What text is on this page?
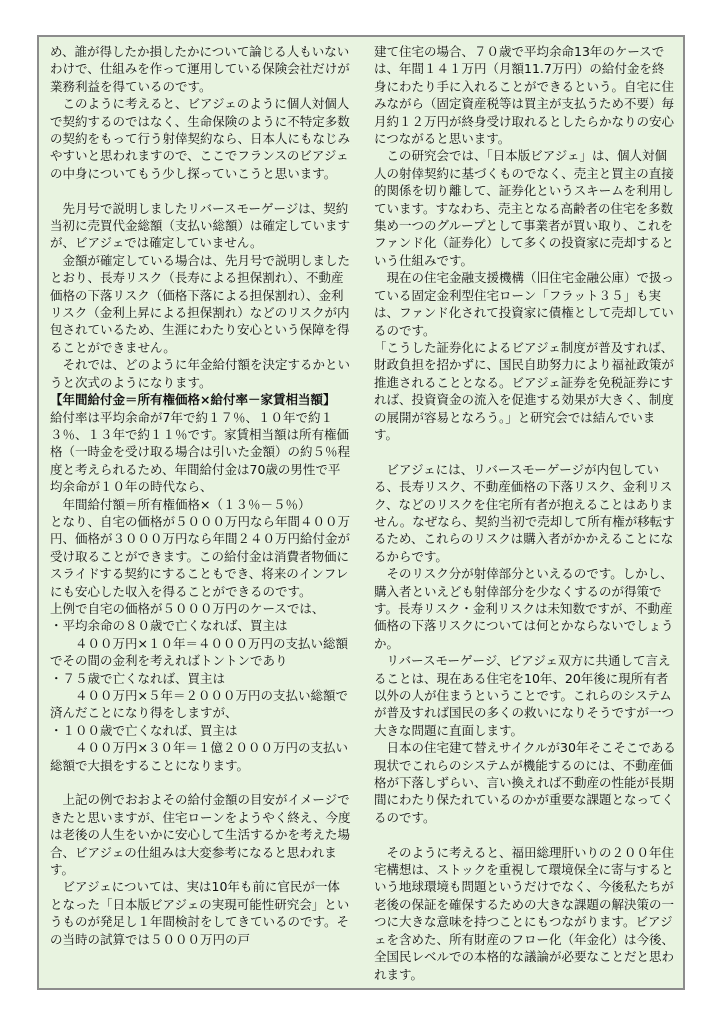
め、誰が得したか損したかについて論じる人もいないわけで、仕組みを作って運用している保険会社だけが業務利益を得ているのです。

　このように考えると、ビアジェのように個人対個人で契約するのではなく、生命保険のように不特定多数の契約をもって行う射倖契約なら、日本人にもなじみやすいと思われますので、ここでフランスのビアジェの中身についてもう少し探っていこうと思います。

　先月号で説明しましたリバースモーゲージは、契約当初に売買代金総額（支払い総額）は確定していますが、ビアジェでは確定していません。

　金額が確定している場合は、先月号で説明しましたとおり、長寿リスク（長寿による担保割れ）、不動産価格の下落リスク（価格下落による担保割れ）、金利リスク（金利上昇による担保割れ）などのリスクが内包されているため、生涯にわたり安心という保障を得ることができません。

　それでは、どのように年金給付額を決定するかというと次式のようになります。

【年間給付金＝所有権価格×給付率－家賃相当額】

給付率は平均余命が7年で約１７％、１０年で約１３％、１３年で約１１％です。家賃相当額は所有権価格（一時金を受け取る場合は引いた金額）の約５％程度と考えられるため、年間給付金は70歳の男性で平均余命が１０年の時代なら、

　年間給付額＝所有権価格×（１３％－５％）

となり、自宅の価格が５０００万円なら年間４００万円、価格が３０００万円なら年間２４０万円給付金が受け取ることができます。この給付金は消費者物価にスライドする契約にすることもでき、将来のインフレにも安心した収入を得ることができるのです。

上例で自宅の価格が５０００万円のケースでは、

・平均余命の８０歳で亡くなれば、買主は

　　４００万円×１０年＝４０００万円の支払い総額でその間の金利を考えればトントンであり

・７５歳で亡くなれば、買主は

　　４００万円×５年＝２０００万円の支払い総額で済んだことになり得をしますが、

・１００歳で亡くなれば、買主は

　　４００万円×３０年＝１億２０００万円の支払い総額で大損をすることになります。

　上記の例でおおよその給付金額の目安がイメージできたと思いますが、住宅ローンをようやく終え、今度は老後の人生をいかに安心して生活するかを考えた場合、ビアジェの仕組みは大変参考になると思われます。

　ビアジェについては、実は10年も前に官民が一体となった「日本版ビアジェの実現可能性研究会」というものが発足し１年間検討をしてきているのです。その当時の試算では５０００万円の戸

建て住宅の場合、７０歳で平均余命13年のケースでは、年間１４１万円（月額11.7万円）の給付金を終身にわたり手に入れることができるという。自宅に住みながら（固定資産税等は買主が支払うため不要）毎月約１２万円が終身受け取れるとしたらかなりの安心につながると思います。

　この研究会では、「日本版ビアジェ」は、個人対個人の射倖契約に基づくものでなく、売主と買主の直接的関係を切り離して、証券化というスキームを利用しています。すなわち、売主となる高齢者の住宅を多数集め一つのグループとして事業者が買い取り、これをファンド化（証券化）して多くの投資家に売却するという仕組みです。

　現在の住宅金融支援機構（旧住宅金融公庫）で扱っている固定金利型住宅ローン「フラット３５」も実は、ファンド化されて投資家に債権として売却しているのです。

「こうした証券化によるビアジェ制度が普及すれば、財政負担を招かずに、国民自助努力により福祉政策が推進されることとなる。ビアジェ証券を免税証券にすれば、投資資金の流入を促進する効果が大きく、制度の展開が容易となろう。」と研究会では結んでいます。

　ビアジェには、リバースモーゲージが内包している、長寿リスク、不動産価格の下落リスク、金利リスク、などのリスクを住宅所有者が抱えることはありません。なぜなら、契約当初で売却して所有権が移転するため、これらのリスクは購入者がかかえることになるからです。

　そのリスク分が射倖部分といえるのです。しかし、購入者といえども射倖部分を少なくするのが得策です。長寿リスク・金利リスクは未知数ですが、不動産価格の下落リスクについては何とかならないでしょうか。

　リバースモーゲージ、ビアジェ双方に共通して言えることは、現在ある住宅を10年、20年後に現所有者以外の人が住まうということです。これらのシステムが普及すれば国民の多くの救いになりそうですが一つ大きな問題に直面します。

　日本の住宅建て替えサイクルが30年そこそこである現状でこれらのシステムが機能するのには、不動産価格が下落しずらい、言い換えれば不動産の性能が長期間にわたり保たれているのかが重要な課題となってくるのです。

　そのように考えると、福田総理肝いりの２００年住宅構想は、ストックを重視して環境保全に寄与するという地球環境も問題というだけでなく、今後私たちが老後の保証を確保するための大きな課題の解決策の一つに大きな意味を持つことにもつながります。ビアジェを含めた、所有財産のフロー化（年金化）は今後、全国民レベルでの本格的な議論が必要なことだと思われます。
